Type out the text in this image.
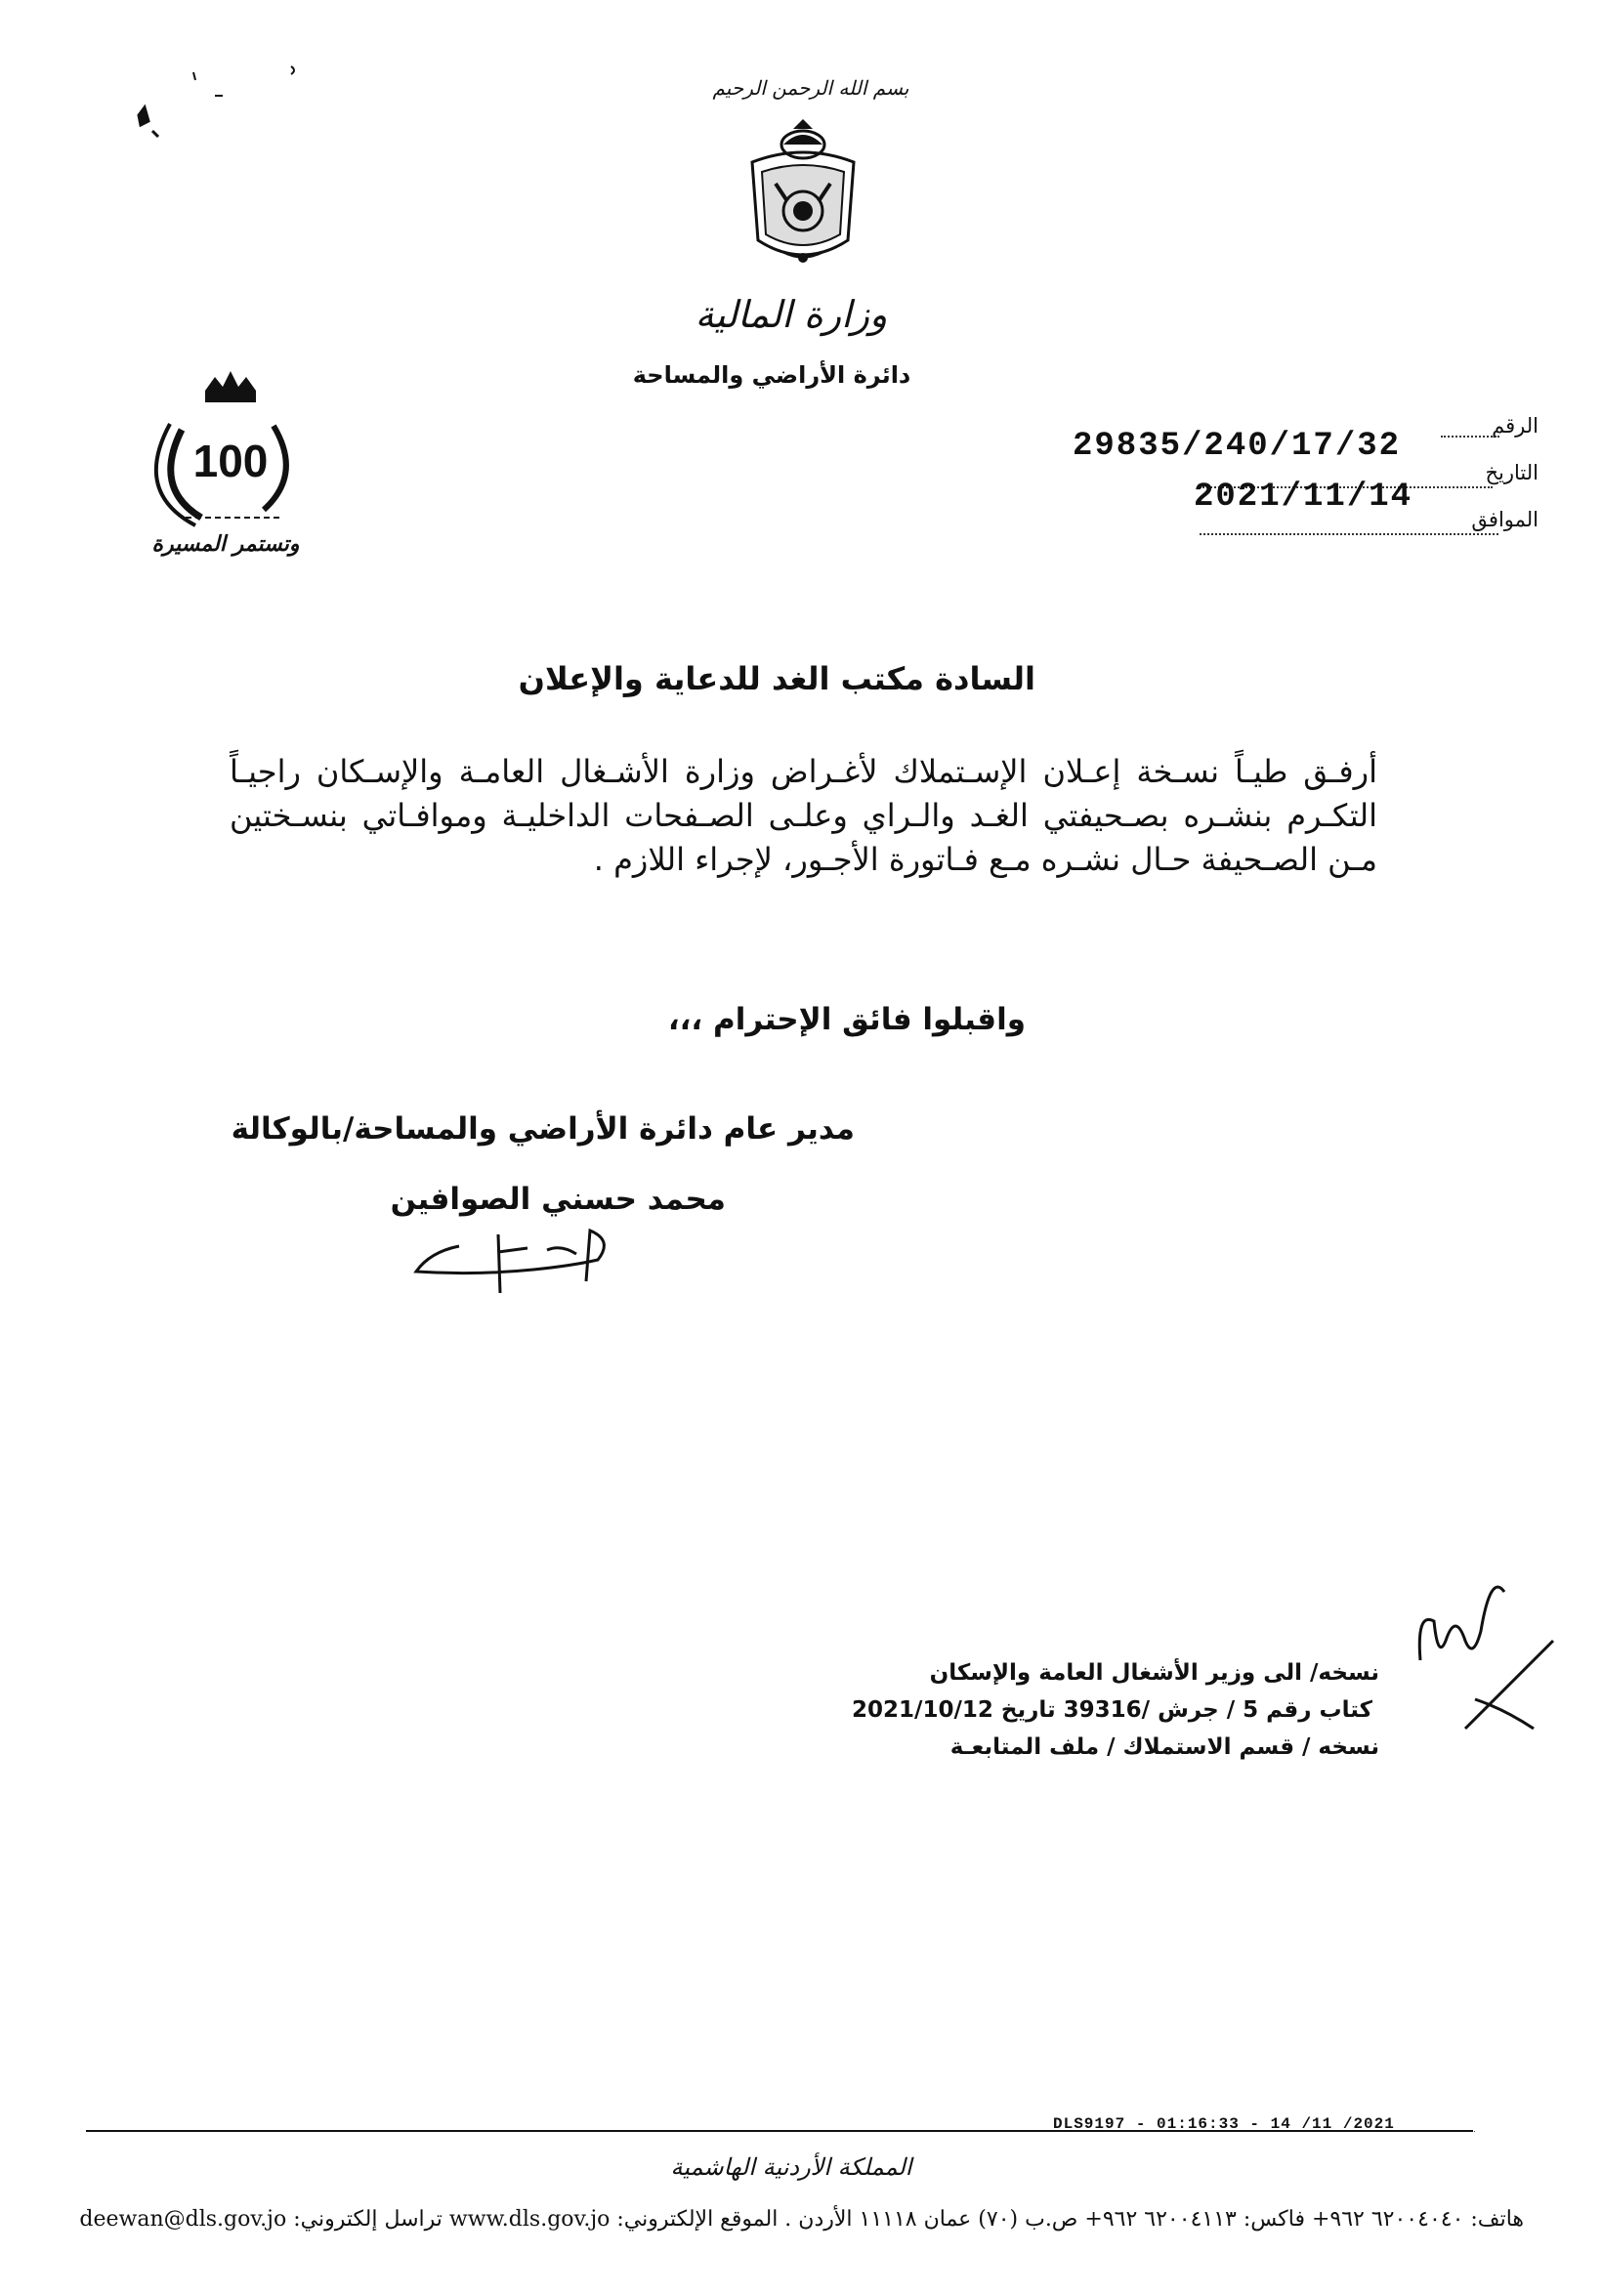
بسم الله الرحمن الرحيم
وزارة المالية
دائرة الأراضي والمساحة
100
وتستمر المسيرة
الرقم
29835/240/17/32
التاريخ
2021/11/14
الموافق
السادة مكتب الغد للدعاية والإعلان
أرفـق طيـاً نسـخة إعـلان الإسـتملاك لأغـراض وزارة الأشـغال العامـة والإسـكان راجيـاً التكـرم بنشـره بصـحيفتي الغـد والـراي وعلـى الصـفحات الداخليـة وموافـاتي بنسـختين مـن الصـحيفة حـال نشـره مـع فـاتورة الأجـور، لإجراء اللازم .
واقبلوا فائق الإحترام ،،،
مدير عام دائرة الأراضي والمساحة/بالوكالة
محمد حسني الصوافين
نسخه/ الى وزير الأشغال العامة والإسكان
كتاب رقم 5 / جرش /39316 تاريخ 2021/10/12
نسخه / قسم الاستملاك / ملف المتابعـة
DLS9197 - 01:16:33 - 14 /11 /2021
المملكة الأردنية الهاشمية
هاتف: ٦٢٠٠٤٠٤٠ ٩٦٢+ فاكس: ٦٢٠٠٤١١٣ ٩٦٢+ ص.ب (٧٠) عمان ١١١١٨ الأردن . الموقع الإلكتروني: www.dls.gov.jo تراسل إلكتروني: deewan@dls.gov.jo
